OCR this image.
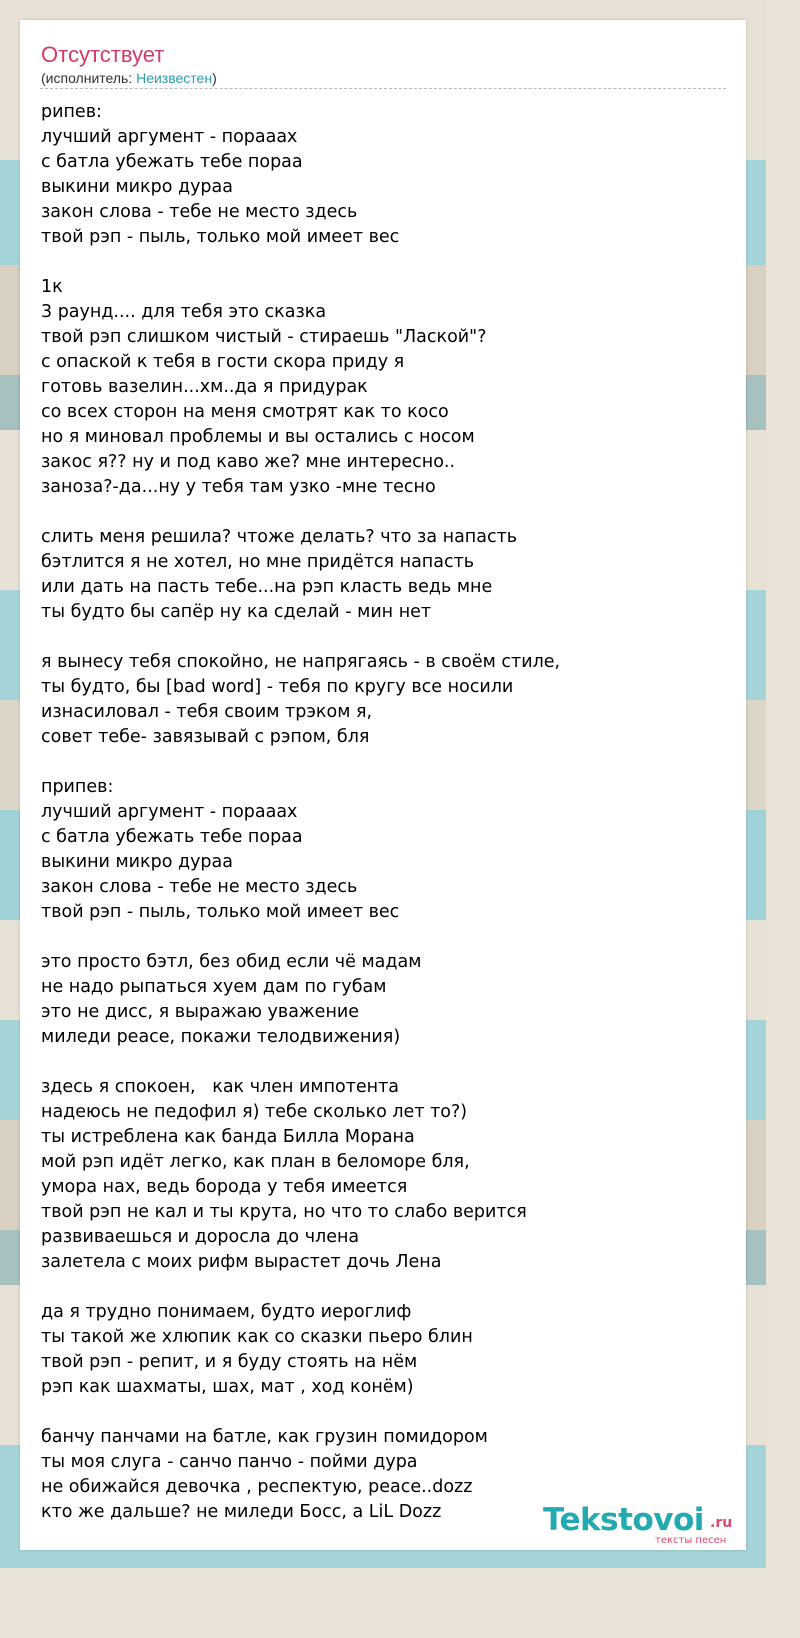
Отсутствует
(исполнитель: Неизвестен)
рипев:
лучший аргумент - порааах
с батла убежать тебе пораа
выкини микро дураа
закон слова - тебе не место здесь
твой рэп - пыль, только мой имеет вес
1к
3 раунд.... для тебя это сказка
твой рэп слишком чистый - стираешь "Лаской"?
с опаской к тебя в гости скора приду я
готовь вазелин...хм..да я придурак
со всех сторон на меня смотрят как то косо
но я миновал проблемы и вы остались с носом
закос я?? ну и под каво же? мне интересно..
заноза?-да...ну у тебя там узко -мне тесно
слить меня решила? чтоже делать? что за напасть
бэтлится я не хотел, но мне придётся напасть
или дать на пасть тебе...на рэп класть ведь мне
ты будто бы сапёр ну ка сделай - мин нет
я вынесу тебя спокойно, не напрягаясь - в своём стиле,
ты будто, бы [bad word] - тебя по кругу все носили
изнасиловал - тебя своим трэком я,
совет тебе- завязывай с рэпом, бля
припев:
лучший аргумент - порааах
с батла убежать тебе пораа
выкини микро дураа
закон слова - тебе не место здесь
твой рэп - пыль, только мой имеет вес
это просто бэтл, без обид если чё мадам
не надо рыпаться хуем дам по губам
это не дисс, я выражаю уважение
миледи peace, покажи телодвижения)
здесь я спокоен,   как член импотента
надеюсь не педофил я) тебе сколько лет то?)
ты истреблена как банда Билла Морана
мой рэп идёт легко, как план в беломоре бля,
умора нах, ведь борода у тебя имеется
твой рэп не кал и ты крута, но что то слабо верится
развиваешься и доросла до члена
залетела с моих рифм вырастет дочь Лена
да я трудно понимаем, будто иероглиф
ты такой же хлюпик как со сказки пьеро блин
твой рэп - репит, и я буду стоять на нём
рэп как шахматы, шах, мат , ход конём)
банчу панчами на батле, как грузин помидором
ты моя слуга - санчо панчо - пойми дура
не обижайся девочка , респектую, peace..dozz
кто же дальше? не миледи Босс, а LiL Dozz	Tekstovoi .ru
тексты песен
